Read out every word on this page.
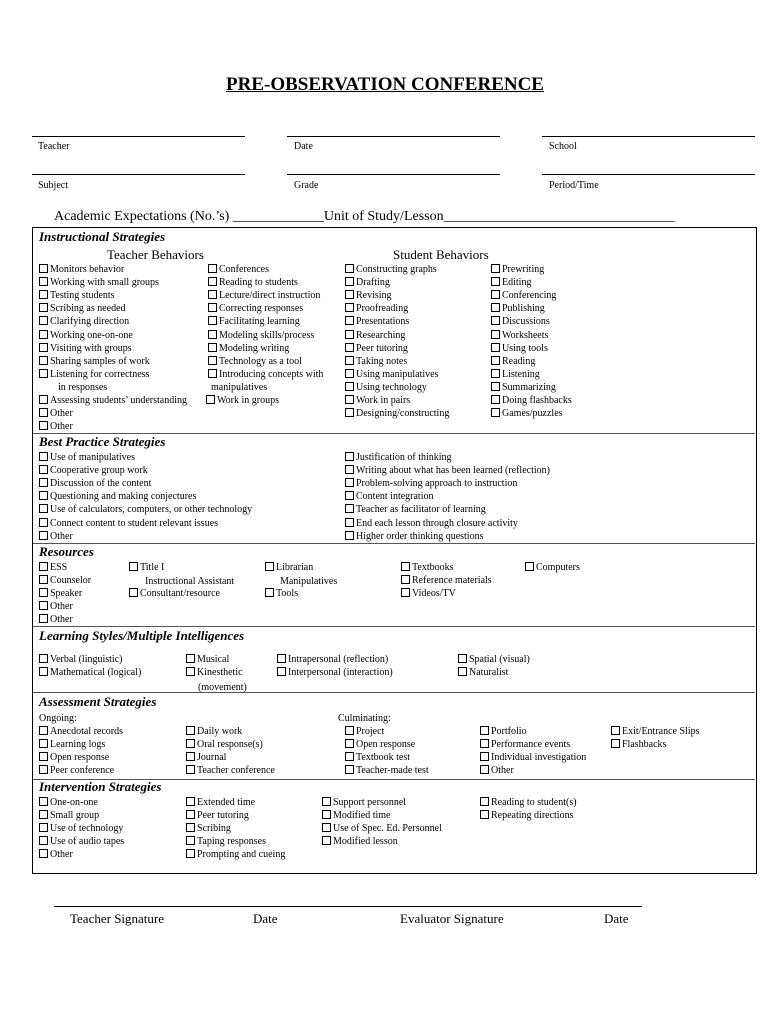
PRE-OBSERVATION CONFERENCE
Teacher	Date	School
Subject	Grade	Period/Time
Academic Expectations (No.’s) _____________Unit of Study/Lesson_________________________________
Instructional Strategies
Teacher Behaviors	Student Behaviors
in responses	manipulatives
Best Practice Strategies
Resources
Instructional Assistant	Manipulatives
Learning Styles/Multiple Intelligences
(movement)
Assessment Strategies
Ongoing:	Culminating:
Intervention Strategies
Teacher Signature	Date	Evaluator Signature	Date
Monitors behavior
Working with small groups
Testing students
Scribing as needed
Clarifying direction
Working one-on-one
Visiting with groups
Sharing samples of work
Listening for correctness
Assessing students’ understanding
Other
Other
Conferences
Reading to students
Lecture/direct instruction
Correcting responses
Facilitating learning
Modeling skills/process
Modeling writing
Technology as a tool
Introducing concepts with
Work in groups
Constructing graphs
Drafting
Revising
Proofreading
Presentations
Researching
Peer tutoring
Taking notes
Using manipulatives
Using technology
Work in pairs
Designing/constructing
Prewriting
Editing
Conferencing
Publishing
Discussions
Worksheets
Using tools
Reading
Listening
Summarizing
Doing flashbacks
Games/puzzles
Use of manipulatives
Cooperative group work
Discussion of the content
Questioning and making conjectures
Use of calculators, computers, or other technology
Connect content to student relevant issues
Other
Justification of thinking
Writing about what has been learned (reflection)
Problem-solving approach to instruction
Content integration
Teacher as facilitator of learning
End each lesson through closure activity
Higher order thinking questions
ESS
Counselor
Speaker
Other
Other
Title I
Consultant/resource
Librarian
Tools
Textbooks
Reference materials
Videos/TV
Computers
Verbal (linguistic)
Mathematical (logical)
Musical
Kinesthetic
Intrapersonal (reflection)
Interpersonal (interaction)
Spatial (visual)
Naturalist
Anecdotal records
Learning logs
Open response
Peer conference
Daily work
Oral response(s)
Journal
Teacher conference
Project
Open response
Textbook test
Teacher-made test
Portfolio
Performance events
Individual investigation
Other
Exit/Entrance Slips
Flashbacks
One-on-one
Small group
Use of technology
Use of audio tapes
Other
Extended time
Peer tutoring
Scribing
Taping responses
Prompting and cueing
Support personnel
Modified time
Use of Spec. Ed. Personnel
Modified lesson
Reading to student(s)
Repeating directions
